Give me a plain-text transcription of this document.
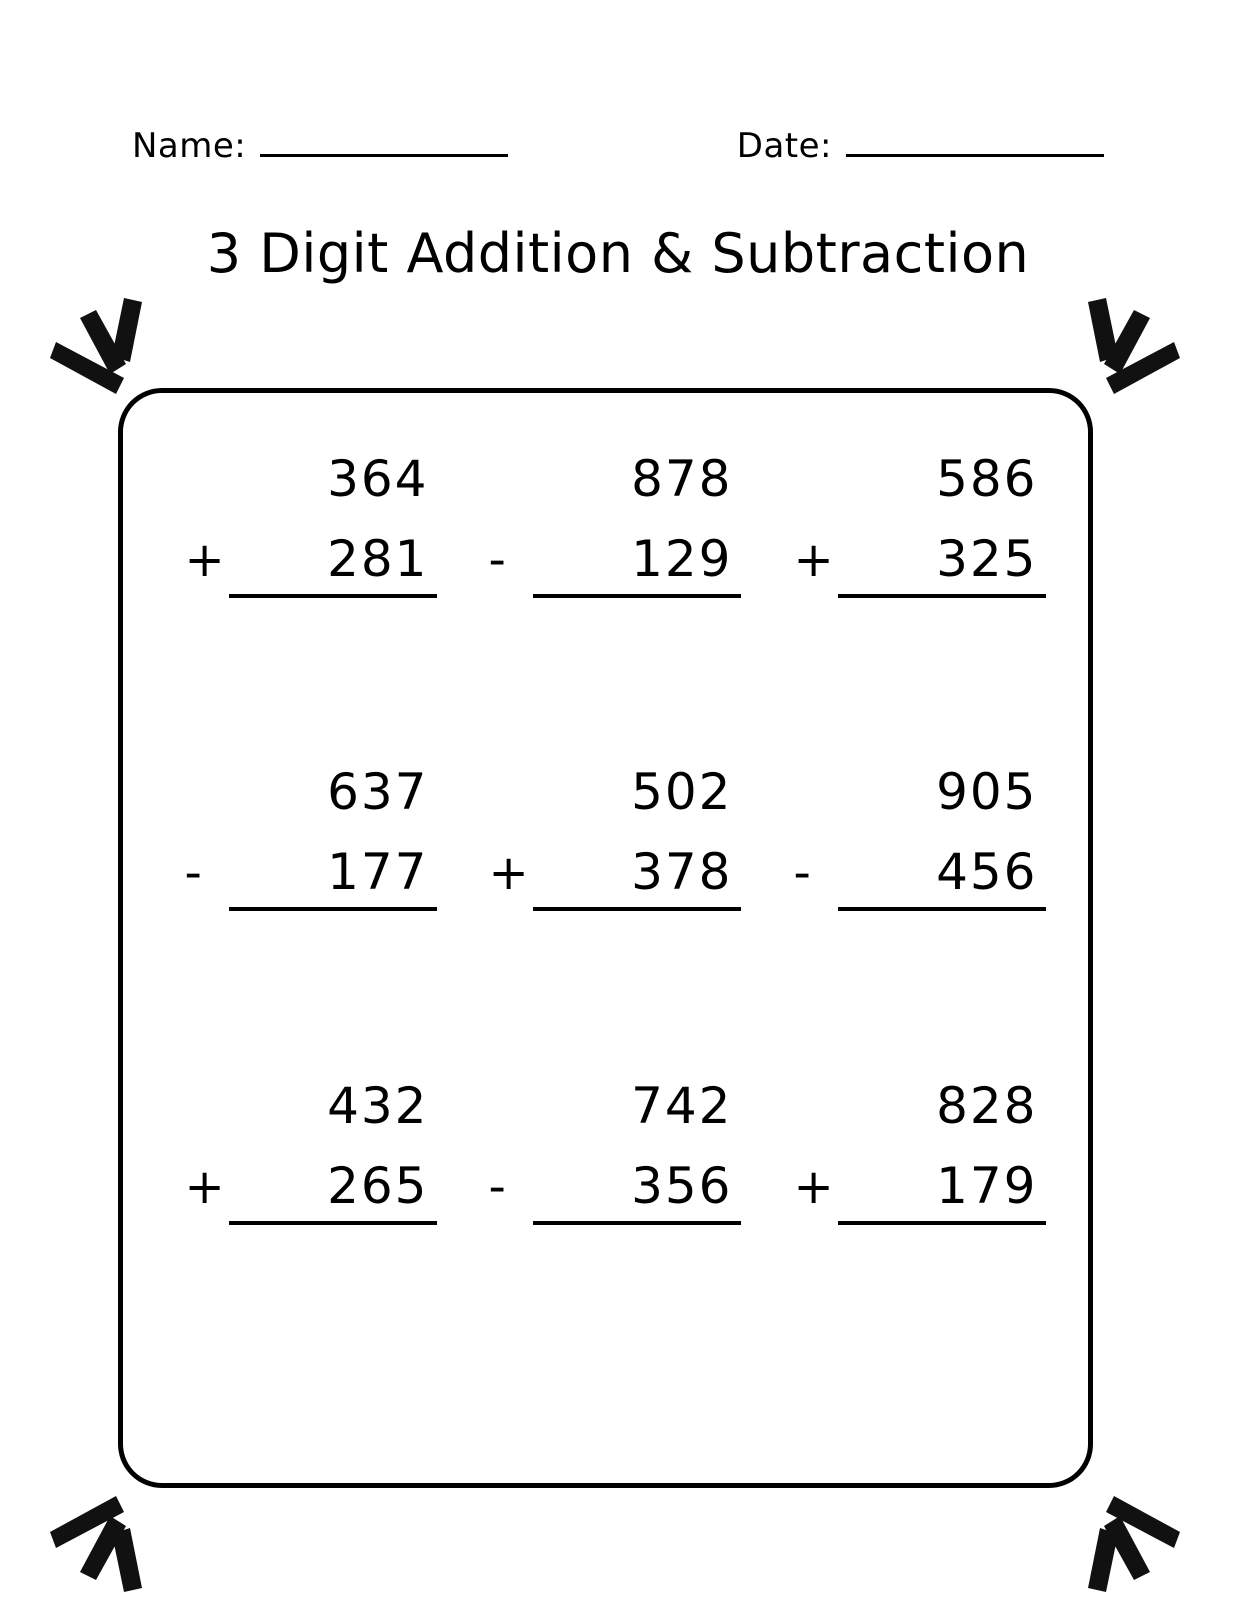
Name:	Date:
3 Digit Addition & Subtraction
364
+	281
878
-	129
586
+	325
637
-	177
502
+	378
905
-	456
432
+	265
742
-	356
828
+	179
